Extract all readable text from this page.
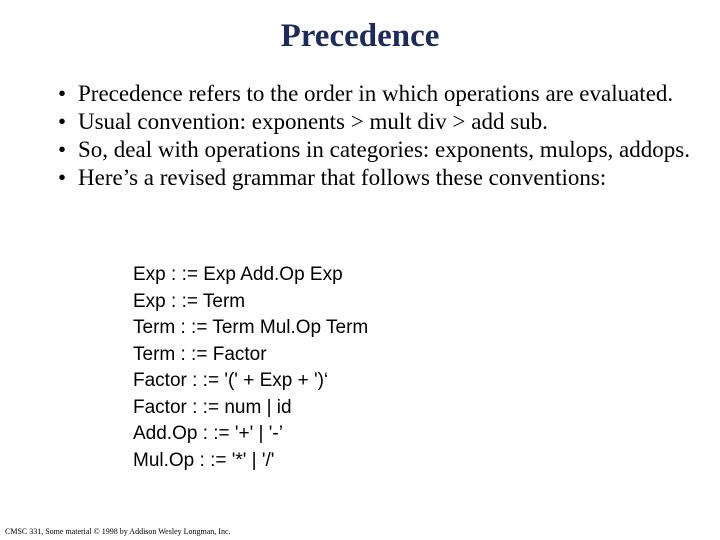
Precedence
• Precedence refers to the order in which operations are evaluated.
• Usual convention: exponents > mult div > add sub.
• So, deal with operations in categories: exponents, mulops, addops.
• Here’s a revised grammar that follows these conventions:
Exp : := Exp Add.Op Exp
Exp : := Term
Term : := Term Mul.Op Term
Term : := Factor
Factor : := '(' + Exp + ')‘
Factor : := num | id
Add.Op : := '+' | '-’
Mul.Op : := '*' | '/'
CMSC 331, Some material © 1998 by Addison Wesley Longman, Inc.
